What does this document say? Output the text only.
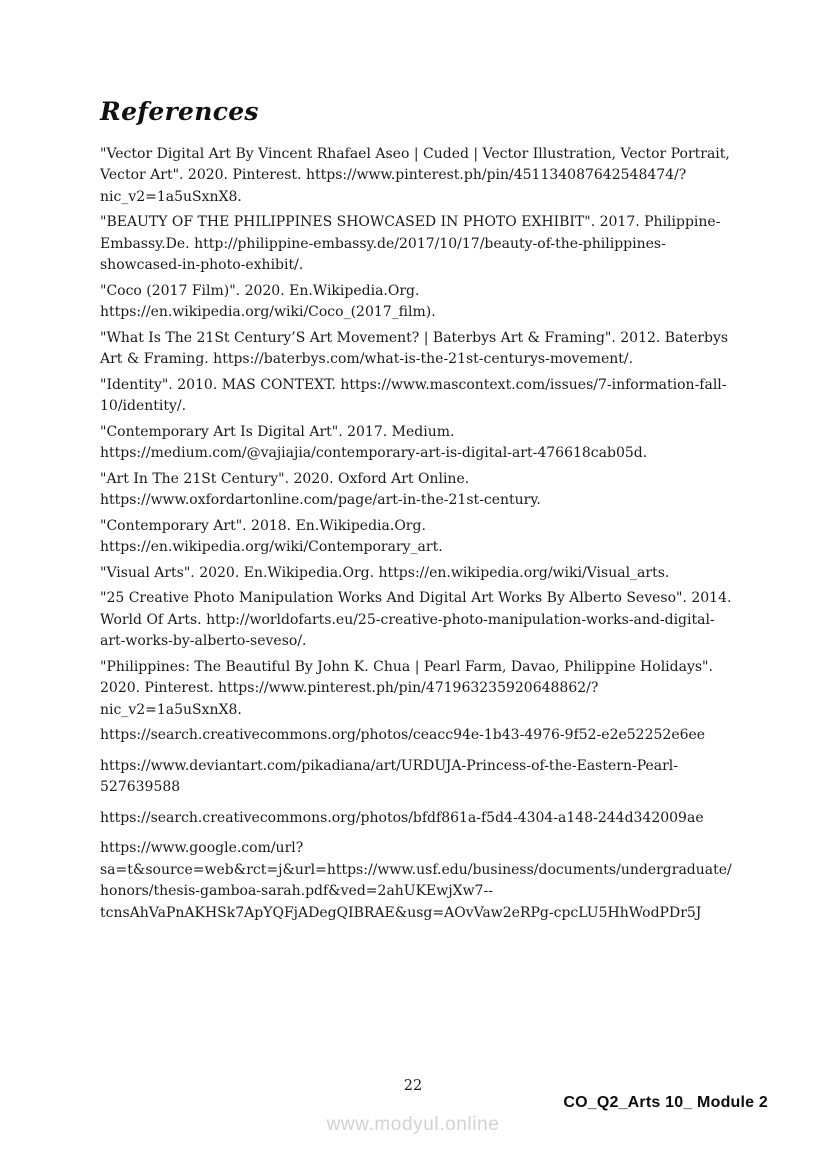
References

"Vector Digital Art By Vincent Rhafael Aseo | Cuded | Vector Illustration, Vector Portrait, Vector Art". 2020. Pinterest. https://www.pinterest.ph/pin/451134087642548474/?nic_v2=1a5uSxnX8.

"BEAUTY OF THE PHILIPPINES SHOWCASED IN PHOTO EXHIBIT". 2017. Philippine-Embassy.De. http://philippine-embassy.de/2017/10/17/beauty-of-the-philippines-showcased-in-photo-exhibit/.

"Coco (2017 Film)". 2020. En.Wikipedia.Org. https://en.wikipedia.org/wiki/Coco_(2017_film).

"What Is The 21St Century’S Art Movement? | Baterbys Art & Framing". 2012. Baterbys Art & Framing. https://baterbys.com/what-is-the-21st-centurys-movement/.

"Identity". 2010. MAS CONTEXT. https://www.mascontext.com/issues/7-information-fall-10/identity/.

"Contemporary Art Is Digital Art". 2017. Medium. https://medium.com/@vajiajia/contemporary-art-is-digital-art-476618cab05d.

"Art In The 21St Century". 2020. Oxford Art Online. https://www.oxfordartonline.com/page/art-in-the-21st-century.

"Contemporary Art". 2018. En.Wikipedia.Org. https://en.wikipedia.org/wiki/Contemporary_art.

"Visual Arts". 2020. En.Wikipedia.Org. https://en.wikipedia.org/wiki/Visual_arts.

"25 Creative Photo Manipulation Works And Digital Art Works By Alberto Seveso". 2014. World Of Arts. http://worldofarts.eu/25-creative-photo-manipulation-works-and-digital-art-works-by-alberto-seveso/.

"Philippines: The Beautiful By John K. Chua | Pearl Farm, Davao, Philippine Holidays". 2020. Pinterest. https://www.pinterest.ph/pin/471963235920648862/?nic_v2=1a5uSxnX8.

https://search.creativecommons.org/photos/ceacc94e-1b43-4976-9f52-e2e52252e6ee

https://www.deviantart.com/pikadiana/art/URDUJA-Princess-of-the-Eastern-Pearl-527639588

https://search.creativecommons.org/photos/bfdf861a-f5d4-4304-a148-244d342009ae

https://www.google.com/url?sa=t&source=web&rct=j&url=https://www.usf.edu/business/documents/undergraduate/honors/thesis-gamboa-sarah.pdf&ved=2ahUKEwjXw7--tcnsAhVaPnAKHSk7ApYQFjADegQIBRAE&usg=AOvVaw2eRPg-cpcLU5HhWodPDr5J

22
CO_Q2_Arts 10_ Module 2
www.modyul.online
